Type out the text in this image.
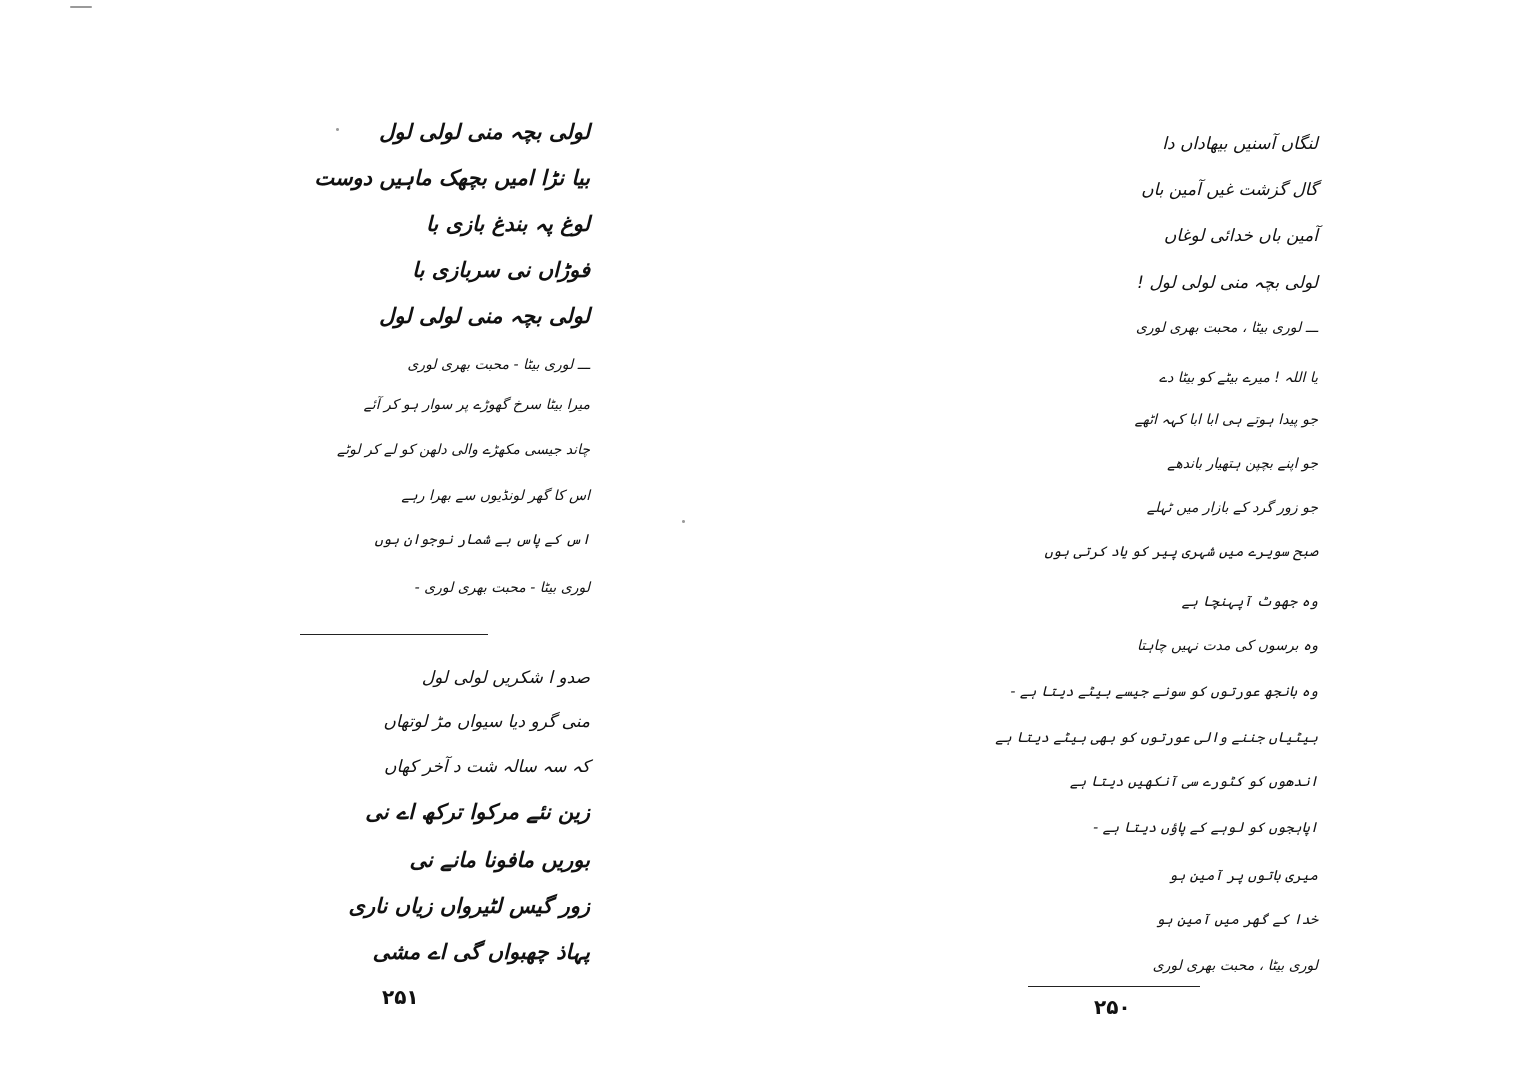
لولی بچہ منی لولی لول
بیا نڑا امیں بچھک ماہیں دوست
لوغ پہ بندغ بازی با
فوڑاں نی سربازی با
لولی بچہ منی لولی لول
ـــ لوری بیٹا - محبت بھری لوری
میرا بیٹا سرخ گھوڑے پر سوار ہو کر آئے
چاند جیسی مکھڑے والی دلھن کو لے کر لوٹے
اس کا گھر لونڈیوں سے بھرا رہے
اس کے پاس بے شمار نوجوان ہوں
لوری بیٹا - محبت بھری لوری -
صدو ا شکریں لولی لول
منی گرو دیا سیواں مڑ لوتھاں
کہ سہ سالہ شت د آخر کھاں
زین نئے مرکوا ترکھ اے نی
بوریں مافونا مانے نی
زور گیس لٹیرواں زیاں ناری
پہاذ چھبواں گی اے مشی
۲۵۱
لنگاں آسنیں بیھاداں دا
گال گزشت غیں آمین باں
آمین باں خدائی لوغاں
لولی بچہ منی لولی لول !
ـــ لوری بیٹا ، محبت بھری لوری
یا اللہ ! میرے بیٹے کو بیٹا دے
جو پیدا ہوتے ہی ابا ابا کہہ اٹھے
جو اپنے بچپن ہتھیار باندھے
جو زور گرد کے بازار میں ٹہلے
صبح سویرے میں شہری پیر کو یاد کرتی ہوں
وہ جھوٹ آپہنچا ہے
وہ برسوں کی مدت نہیں چاہتا
وہ بانجھ عورتوں کو سونے جیسے بیٹے دیتا ہے -
بیٹیاں جننے والی عورتوں کو بھی بیٹے دیتا ہے
اندھوں کو کٹورے سی آنکھیں دیتا ہے
اپاہجوں کو لوہے کے پاؤں دیتا ہے -
میری باتوں پر آمین ہو
خدا کے گھر میں آمین ہو
لوری بیٹا ، محبت بھری لوری
۲۵۰
